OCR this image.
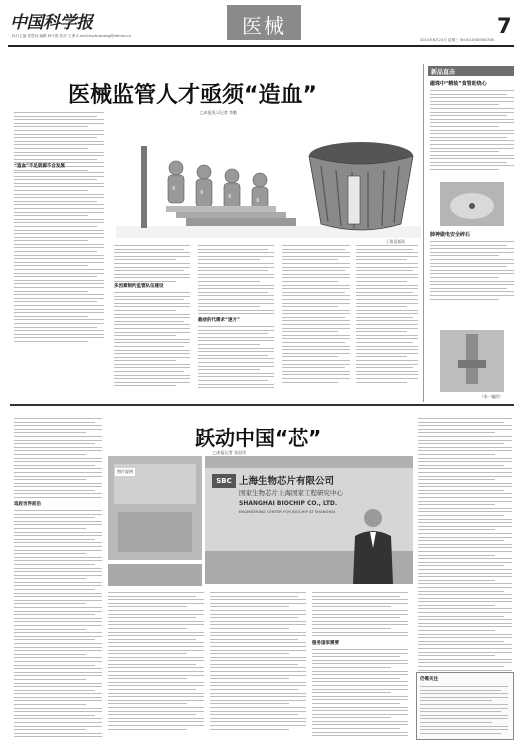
中国科学报
执行主编 张思玮 编辑 韩天琪 校对 王勇 E-mail:kuzhushang@stimes.cn	医械
2014年6月23日 星期三 Tel:(010)62580706
7
医械监管人才亟须“造血”
□本报见习记者 李勤
X
X
X
X
王维嘉插画
“造血”不足资源不合发展
多因素制约监管队伍建设
截症的代需求“速方”
新品直击
磁珠中“精装”食管助烧心
肺神做电安全碎石
（来一幅图）
跃动中国“芯”
□本报记者 张思玮
追赶世界前沿
SBC 上海生物芯片有限公司
国家生物芯片上海国家工程研究中心
SHANGHAI BIOCHIP CO., LTD.
ENGINEERING CENTER FOR BIOCHIP AT SHANGHAI
图片说明
服务国家需要
仍需关注
